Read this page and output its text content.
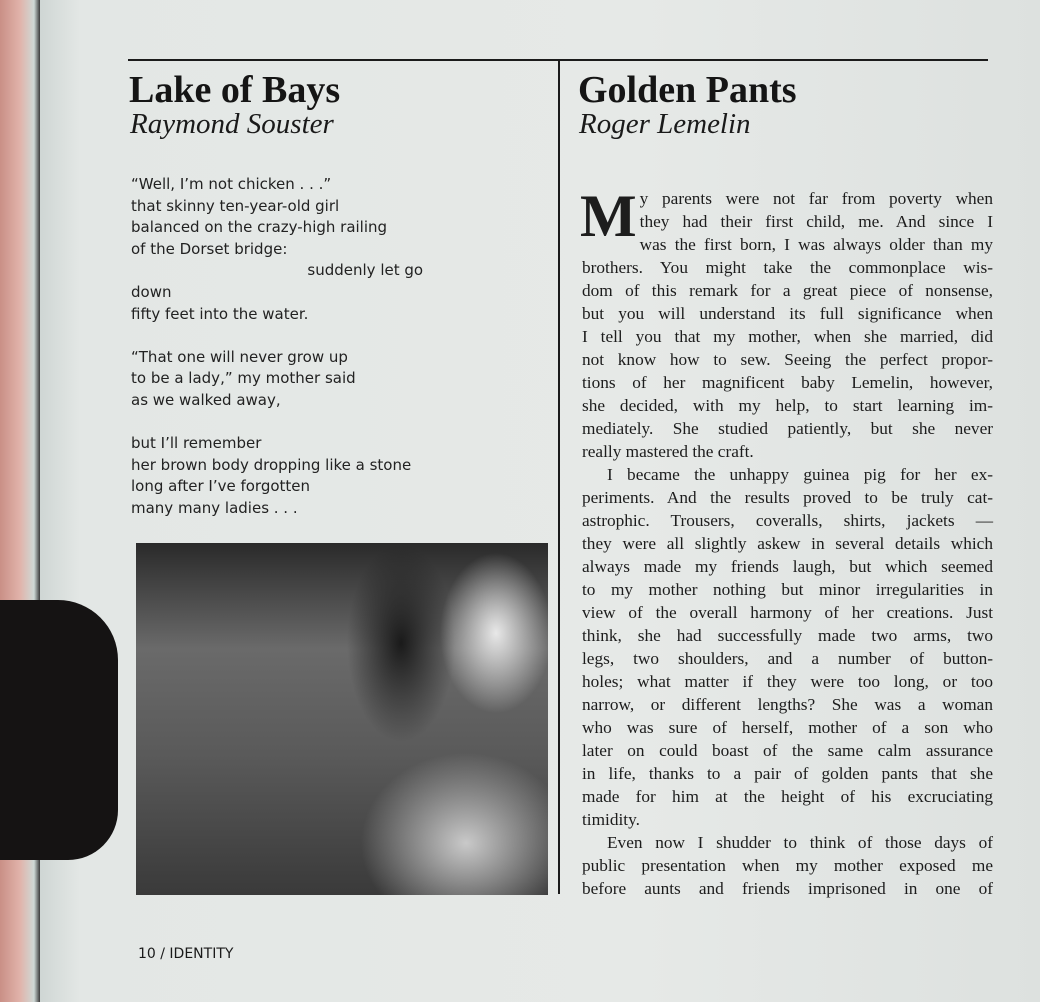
Lake of Bays
Raymond Souster
“Well, I’m not chicken . . .”
that skinny ten-year-old girl
balanced on the crazy-high railing
of the Dorset bridge:
suddenly let go
down
fifty feet into the water.
“That one will never grow up
to be a lady,” my mother said
as we walked away,
but I’ll remember
her brown body dropping like a stone
long after I’ve forgotten
many many ladies . . .
10 / IDENTITY
Golden Pants
Roger Lemelin
M y parents were not far from poverty when
they had their first child, me. And since I
was the first born, I was always older than my
brothers. You might take the commonplace wis-
dom of this remark for a great piece of nonsense,
but you will understand its full significance when
I tell you that my mother, when she married, did
not know how to sew. Seeing the perfect propor-
tions of her magnificent baby Lemelin, however,
she decided, with my help, to start learning im-
mediately. She studied patiently, but she never
really mastered the craft.
I became the unhappy guinea pig for her ex-
periments. And the results proved to be truly cat-
astrophic. Trousers, coveralls, shirts, jackets —
they were all slightly askew in several details which
always made my friends laugh, but which seemed
to my mother nothing but minor irregularities in
view of the overall harmony of her creations. Just
think, she had successfully made two arms, two
legs, two shoulders, and a number of button-
holes; what matter if they were too long, or too
narrow, or different lengths? She was a woman
who was sure of herself, mother of a son who
later on could boast of the same calm assurance
in life, thanks to a pair of golden pants that she
made for him at the height of his excruciating
timidity.
Even now I shudder to think of those days of
public presentation when my mother exposed me
before aunts and friends imprisoned in one of
